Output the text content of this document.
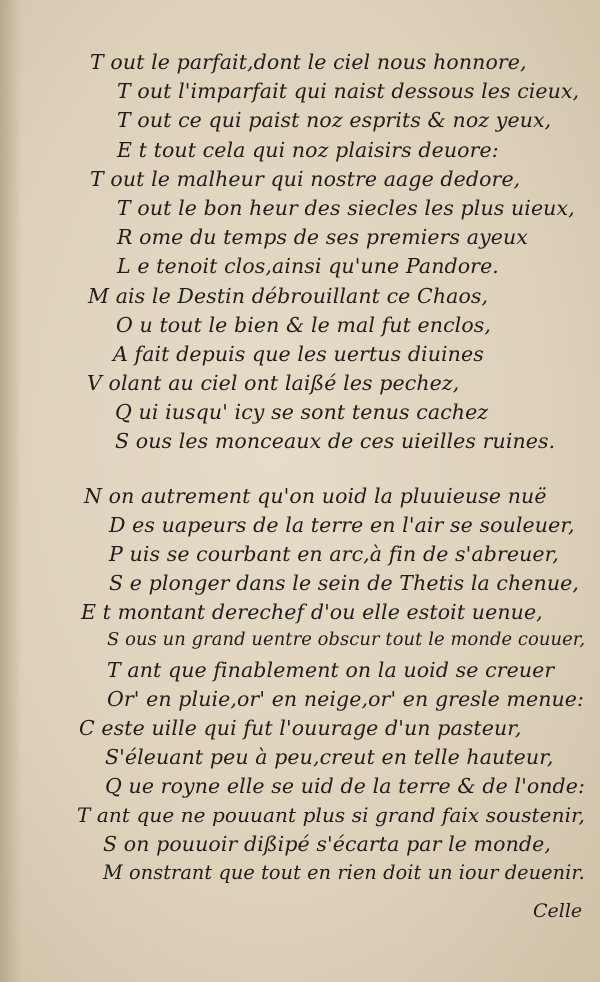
T out le parfait,dont le ciel nous honnore,
T out l'imparfait qui naist dessous les cieux,
T out ce qui paist noz esprits & noz yeux,
E t tout cela qui noz plaisirs deuore:
T out le malheur qui nostre aage dedore,
T out le bon heur des siecles les plus uieux,
R ome du temps de ses premiers ayeux
L e tenoit clos,ainsi qu'une Pandore.
M ais le Destin débrouillant ce Chaos,
O u tout le bien & le mal fut enclos,
A fait depuis que les uertus diuines
V olant au ciel ont laißé les pechez,
Q ui iusqu' icy se sont tenus cachez
S ous les monceaux de ces uieilles ruines.
N on autrement qu'on uoid la pluuieuse nuë
D es uapeurs de la terre en l'air se souleuer,
P uis se courbant en arc,à fin de s'abreuer,
S e plonger dans le sein de Thetis la chenue,
E t montant derechef d'ou elle estoit uenue,
S ous un grand uentre obscur tout le monde couuer,
T ant que finablement on la uoid se creuer
Or' en pluie,or' en neige,or' en gresle menue:
C este uille qui fut l'ouurage d'un pasteur,
S'éleuant peu à peu,creut en telle hauteur,
Q ue royne elle se uid de la terre & de l'onde:
T ant que ne pouuant plus si grand faix soustenir,
S on pouuoir dißipé s'écarta par le monde,
M onstrant que tout en rien doit un iour deuenir.
Celle
